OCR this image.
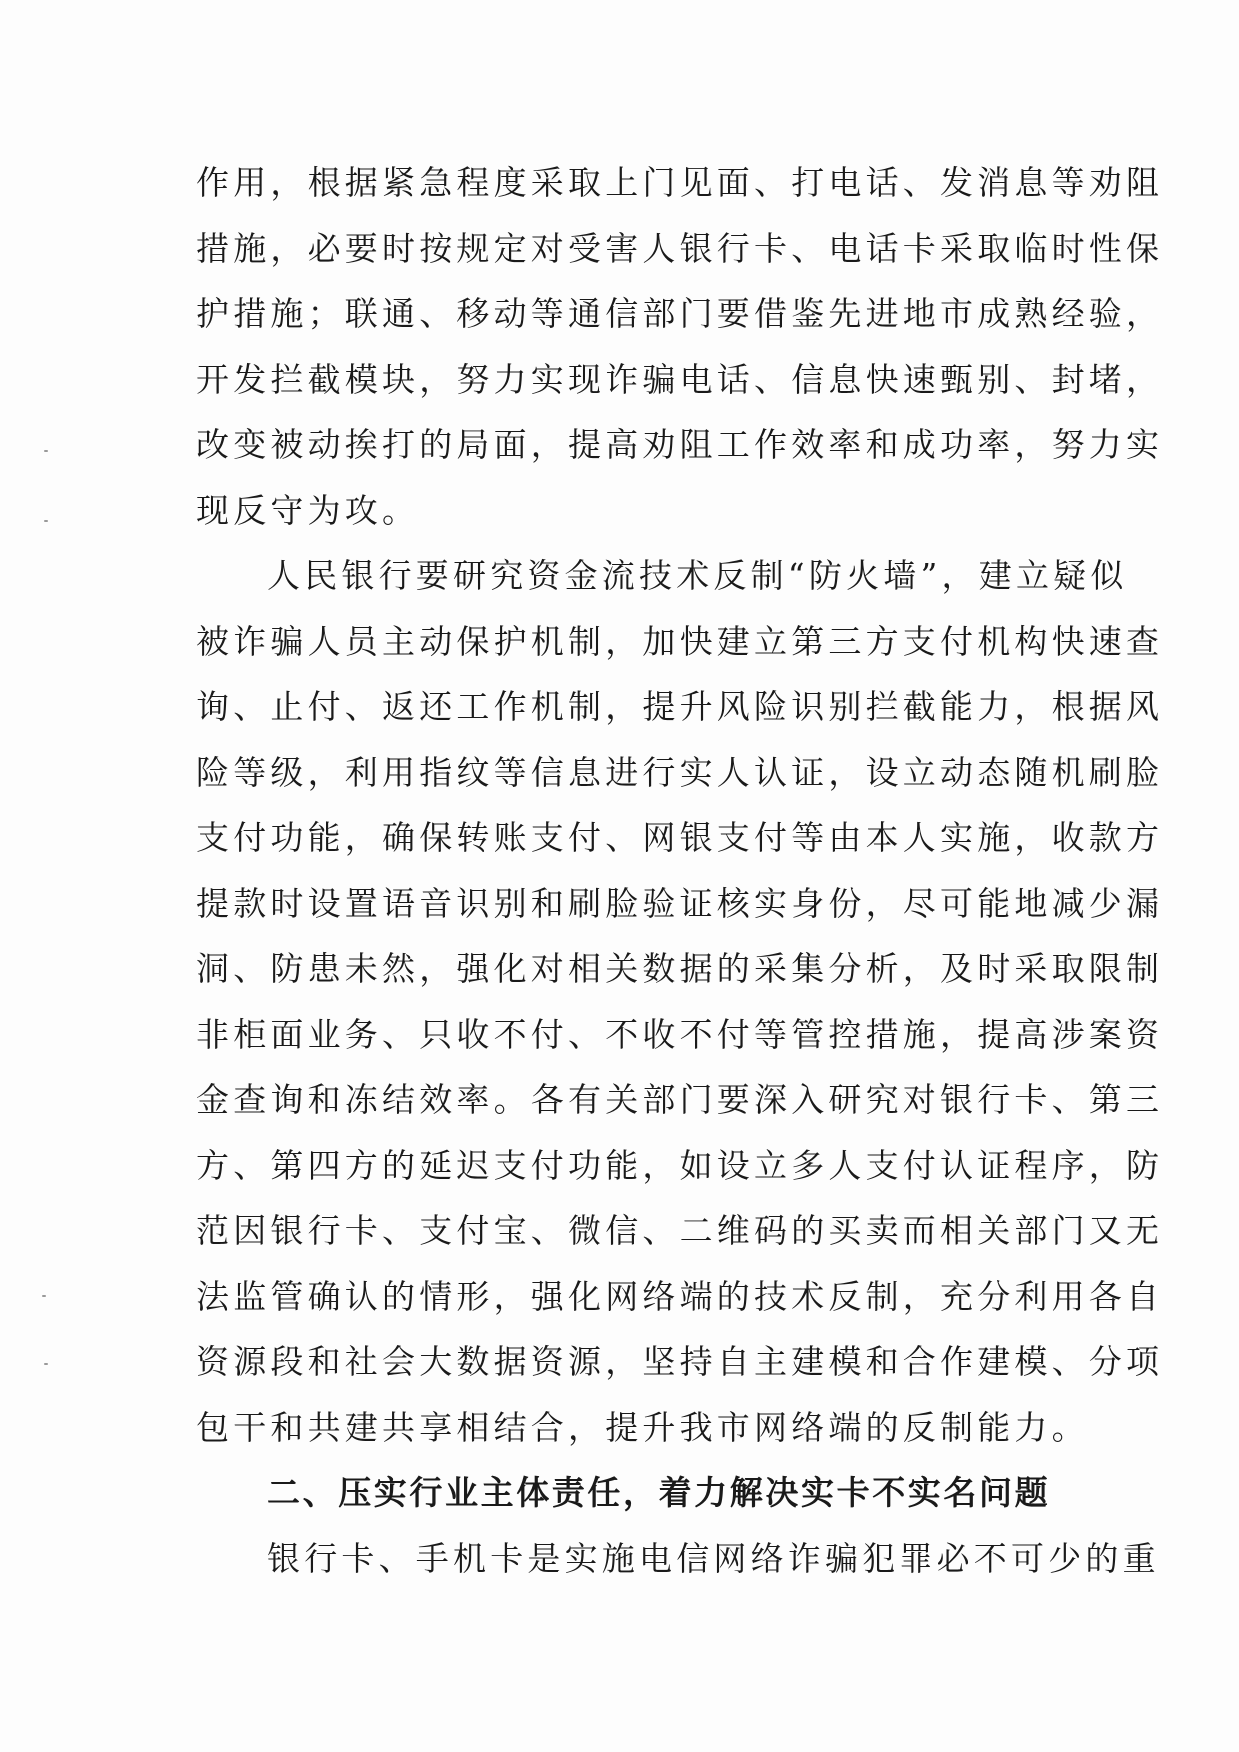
作用，根据紧急程度采取上门见面、打电话、发消息等劝阻
措施，必要时按规定对受害人银行卡、电话卡采取临时性保
护措施；联通、移动等通信部门要借鉴先进地市成熟经验，
开发拦截模块，努力实现诈骗电话、信息快速甄别、封堵，
改变被动挨打的局面，提高劝阻工作效率和成功率，努力实
现反守为攻。
人民银行要研究资金流技术反制“防火墙”，建立疑似
被诈骗人员主动保护机制，加快建立第三方支付机构快速查
询、止付、返还工作机制，提升风险识别拦截能力，根据风
险等级，利用指纹等信息进行实人认证，设立动态随机刷脸
支付功能，确保转账支付、网银支付等由本人实施，收款方
提款时设置语音识别和刷脸验证核实身份，尽可能地减少漏
洞、防患未然，强化对相关数据的采集分析，及时采取限制
非柜面业务、只收不付、不收不付等管控措施，提高涉案资
金查询和冻结效率。各有关部门要深入研究对银行卡、第三
方、第四方的延迟支付功能，如设立多人支付认证程序，防
范因银行卡、支付宝、微信、二维码的买卖而相关部门又无
法监管确认的情形，强化网络端的技术反制，充分利用各自
资源段和社会大数据资源，坚持自主建模和合作建模、分项
包干和共建共享相结合，提升我市网络端的反制能力。
二、压实行业主体责任，着力解决实卡不实名问题
银行卡、手机卡是实施电信网络诈骗犯罪必不可少的重
